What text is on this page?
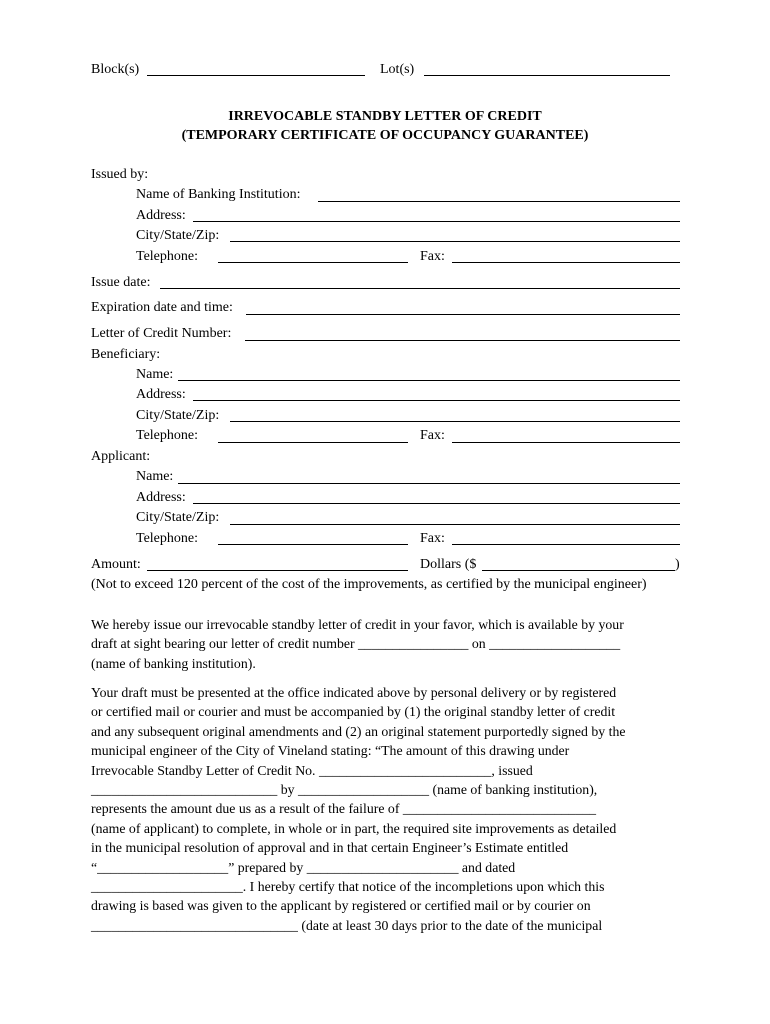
Block(s)	Lot(s)
IRREVOCABLE STANDBY LETTER OF CREDIT
(TEMPORARY CERTIFICATE OF OCCUPANCY GUARANTEE)
Issued by:
Name of Banking Institution:
Address:
City/State/Zip:
Telephone:	Fax:
Issue date:
Expiration date and time:
Letter of Credit Number:
Beneficiary:
Name:
Address:
City/State/Zip:
Telephone:	Fax:
Applicant:
Name:
Address:
City/State/Zip:
Telephone:	Fax:
Amount:	Dollars ($	)
(Not to exceed 120 percent of the cost of the improvements, as certified by the municipal engineer)
We hereby issue our irrevocable standby letter of credit in your favor, which is available by your
draft at sight bearing our letter of credit number ________________ on ___________________
(name of banking institution).
Your draft must be presented at the office indicated above by personal delivery or by registered
or certified mail or courier and must be accompanied by (1) the original standby letter of credit
and any subsequent original amendments and (2) an original statement purportedly signed by the
municipal engineer of the City of Vineland stating: “The amount of this drawing under
Irrevocable Standby Letter of Credit No. _________________________, issued
___________________________ by ___________________ (name of banking institution),
represents the amount due us as a result of the failure of ____________________________
(name of applicant) to complete, in whole or in part, the required site improvements as detailed
in the municipal resolution of approval and in that certain Engineer’s Estimate entitled
“___________________” prepared by ______________________ and dated
______________________. I hereby certify that notice of the incompletions upon which this
drawing is based was given to the applicant by registered or certified mail or by courier on
______________________________ (date at least 30 days prior to the date of the municipal
